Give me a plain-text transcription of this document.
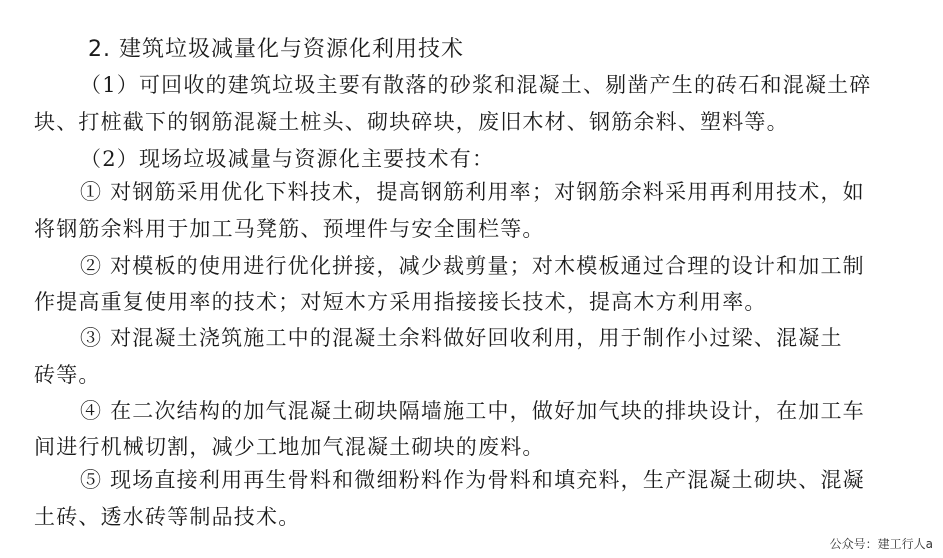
2. 建筑垃圾减量化与资源化利用技术
（1）可回收的建筑垃圾主要有散落的砂浆和混凝土、剔凿产生的砖石和混凝土碎
块、打桩截下的钢筋混凝土桩头、砌块碎块，废旧木材、钢筋余料、塑料等。
（2）现场垃圾减量与资源化主要技术有：
① 对钢筋采用优化下料技术，提高钢筋利用率；对钢筋余料采用再利用技术，如
将钢筋余料用于加工马凳筋、预埋件与安全围栏等。
② 对模板的使用进行优化拼接，减少裁剪量；对木模板通过合理的设计和加工制
作提高重复使用率的技术；对短木方采用指接接长技术，提高木方利用率。
③ 对混凝土浇筑施工中的混凝土余料做好回收利用，用于制作小过梁、混凝土
砖等。
④ 在二次结构的加气混凝土砌块隔墙施工中，做好加气块的排块设计，在加工车
间进行机械切割，减少工地加气混凝土砌块的废料。
⑤ 现场直接利用再生骨料和微细粉料作为骨料和填充料，生产混凝土砌块、混凝
土砖、透水砖等制品技术。
公众号：建工行人a
